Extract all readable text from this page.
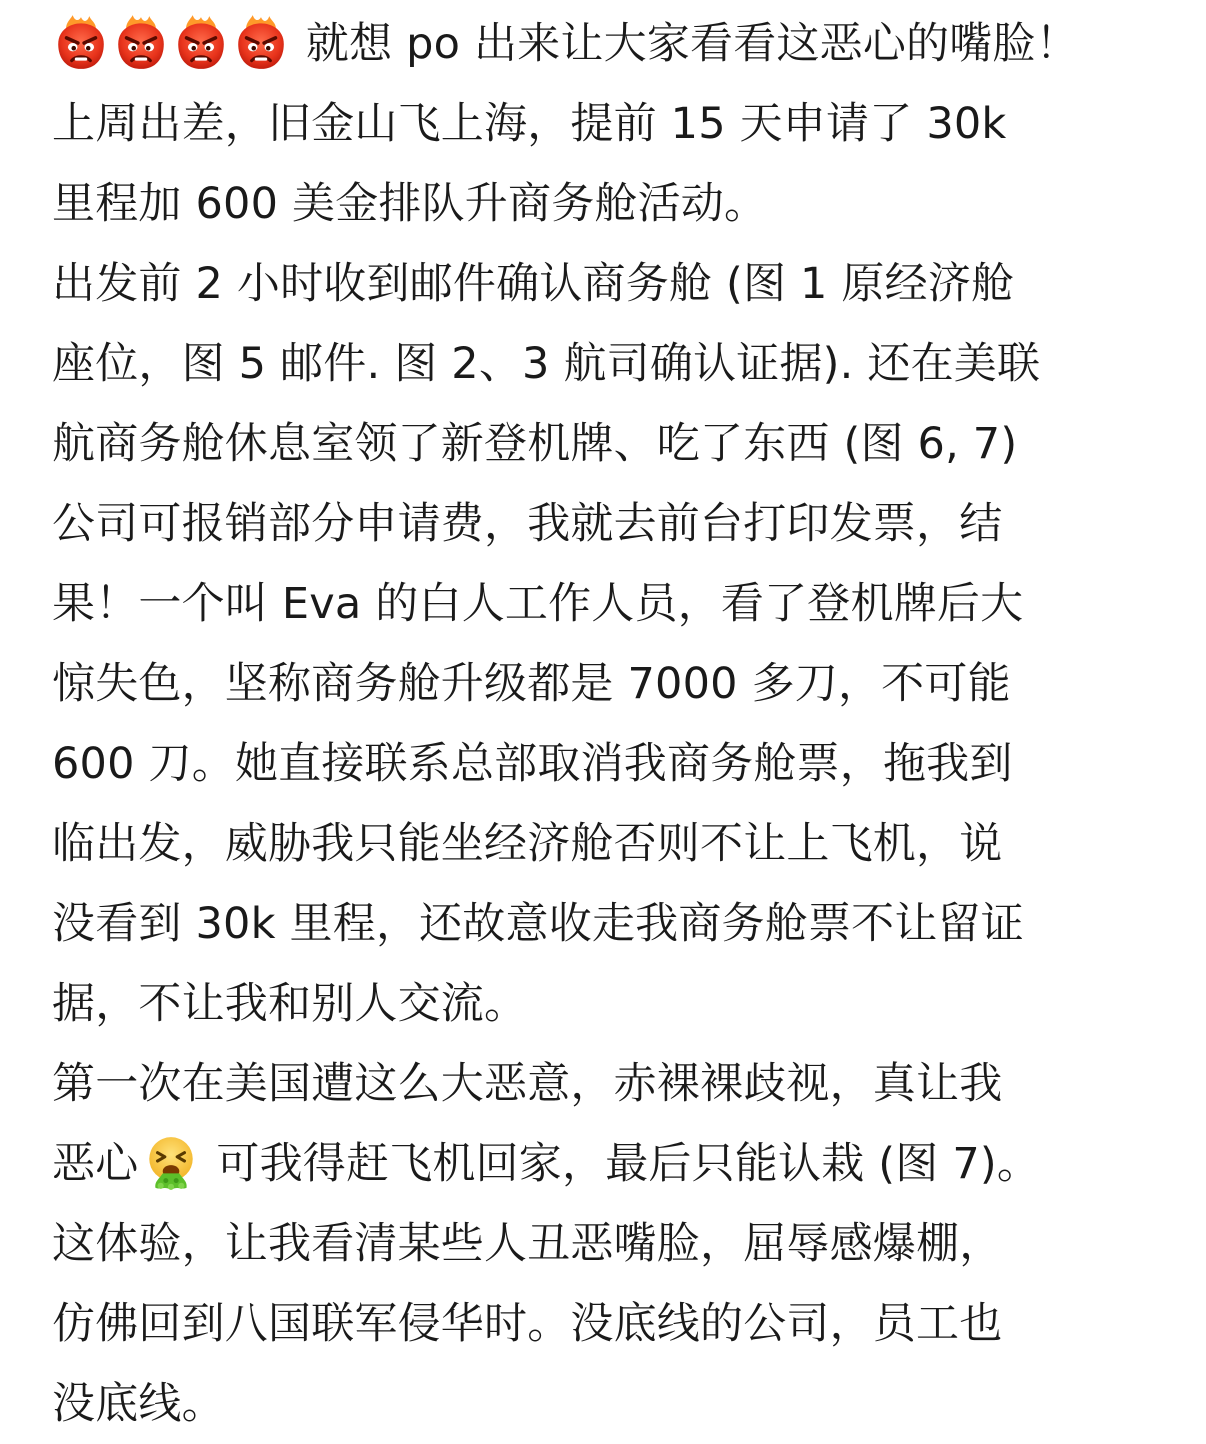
就想 po 出来让大家看看这恶心的嘴脸！
上周出差，旧金山飞上海，提前 15 天申请了 30k
里程加 600 美金排队升商务舱活动。
出发前 2 小时收到邮件确认商务舱 (图 1 原经济舱
座位，图 5 邮件. 图 2、3 航司确认证据). 还在美联
航商务舱休息室领了新登机牌、吃了东西 (图 6, 7)
公司可报销部分申请费，我就去前台打印发票，结
果！一个叫 Eva 的白人工作人员，看了登机牌后大
惊失色，坚称商务舱升级都是 7000 多刀，不可能
600 刀。她直接联系总部取消我商务舱票，拖我到
临出发，威胁我只能坐经济舱否则不让上飞机，说
没看到 30k 里程，还故意收走我商务舱票不让留证
据，不让我和别人交流。
第一次在美国遭这么大恶意，赤裸裸歧视，真让我
恶心 可我得赶飞机回家，最后只能认栽 (图 7)。
这体验，让我看清某些人丑恶嘴脸，屈辱感爆棚，
仿佛回到八国联军侵华时。没底线的公司，员工也
没底线。
